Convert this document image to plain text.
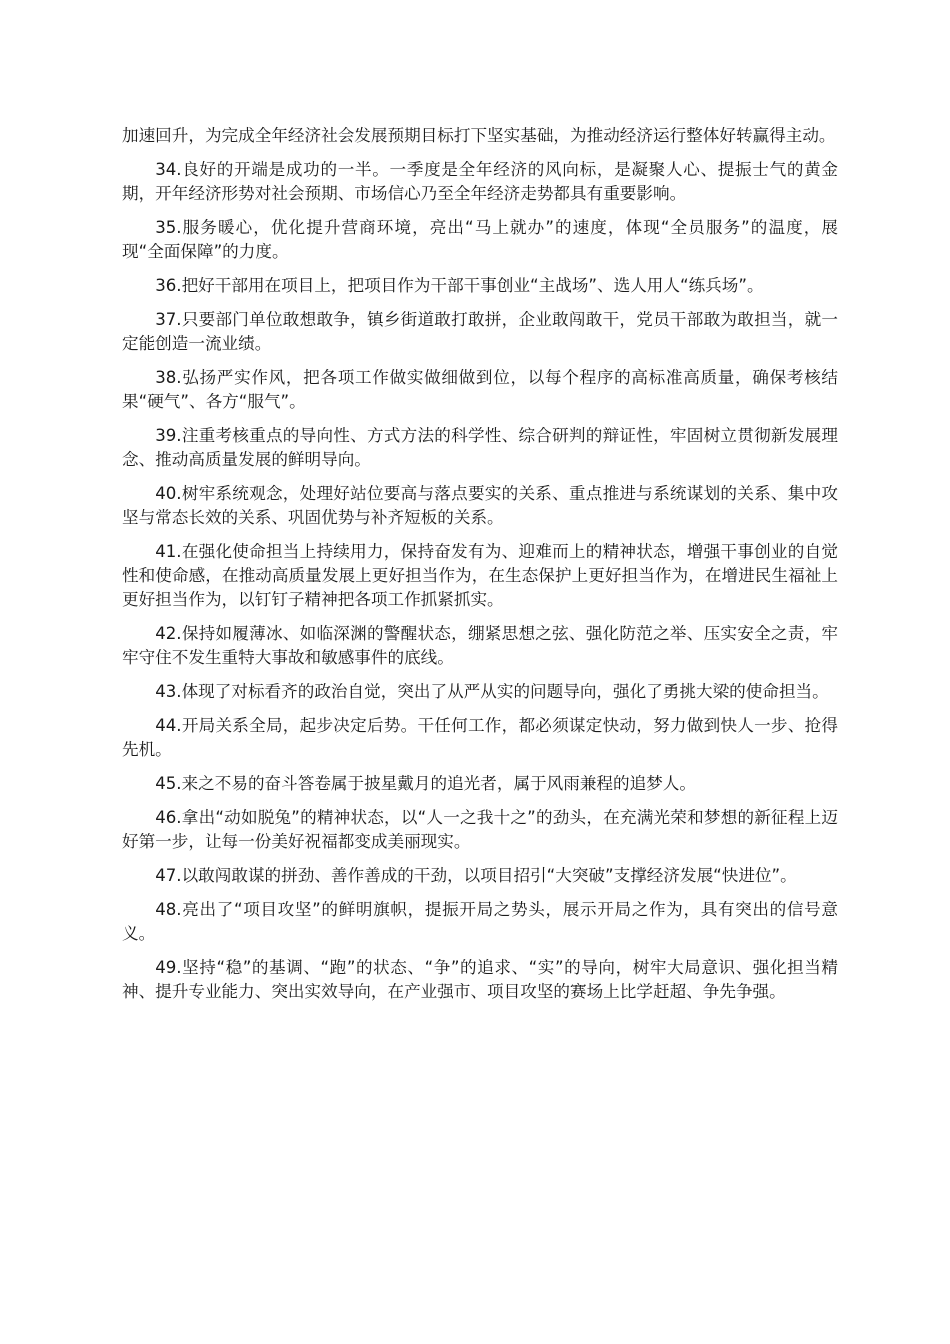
加速回升，为完成全年经济社会发展预期目标打下坚实基础，为推动经济运行整体好转赢得主动。

34.良好的开端是成功的一半。一季度是全年经济的风向标，是凝聚人心、提振士气的黄金期，开年经济形势对社会预期、市场信心乃至全年经济走势都具有重要影响。

35.服务暖心，优化提升营商环境，亮出“马上就办”的速度，体现“全员服务”的温度，展现“全面保障”的力度。

36.把好干部用在项目上，把项目作为干部干事创业“主战场”、选人用人“练兵场”。

37.只要部门单位敢想敢争，镇乡街道敢打敢拼，企业敢闯敢干，党员干部敢为敢担当，就一定能创造一流业绩。

38.弘扬严实作风，把各项工作做实做细做到位，以每个程序的高标准高质量，确保考核结果“硬气”、各方“服气”。

39.注重考核重点的导向性、方式方法的科学性、综合研判的辩证性，牢固树立贯彻新发展理念、推动高质量发展的鲜明导向。

40.树牢系统观念，处理好站位要高与落点要实的关系、重点推进与系统谋划的关系、集中攻坚与常态长效的关系、巩固优势与补齐短板的关系。

41.在强化使命担当上持续用力，保持奋发有为、迎难而上的精神状态，增强干事创业的自觉性和使命感，在推动高质量发展上更好担当作为，在生态保护上更好担当作为，在增进民生福祉上更好担当作为，以钉钉子精神把各项工作抓紧抓实。

42.保持如履薄冰、如临深渊的警醒状态，绷紧思想之弦、强化防范之举、压实安全之责，牢牢守住不发生重特大事故和敏感事件的底线。

43.体现了对标看齐的政治自觉，突出了从严从实的问题导向，强化了勇挑大梁的使命担当。

44.开局关系全局，起步决定后势。干任何工作，都必须谋定快动，努力做到快人一步、抢得先机。

45.来之不易的奋斗答卷属于披星戴月的追光者，属于风雨兼程的追梦人。

46.拿出“动如脱兔”的精神状态，以“人一之我十之”的劲头，在充满光荣和梦想的新征程上迈好第一步，让每一份美好祝福都变成美丽现实。

47.以敢闯敢谋的拼劲、善作善成的干劲，以项目招引“大突破”支撑经济发展“快进位”。

48.亮出了“项目攻坚”的鲜明旗帜，提振开局之势头，展示开局之作为，具有突出的信号意义。

49.坚持“稳”的基调、“跑”的状态、“争”的追求、“实”的导向，树牢大局意识、强化担当精神、提升专业能力、突出实效导向，在产业强市、项目攻坚的赛场上比学赶超、争先争强。
